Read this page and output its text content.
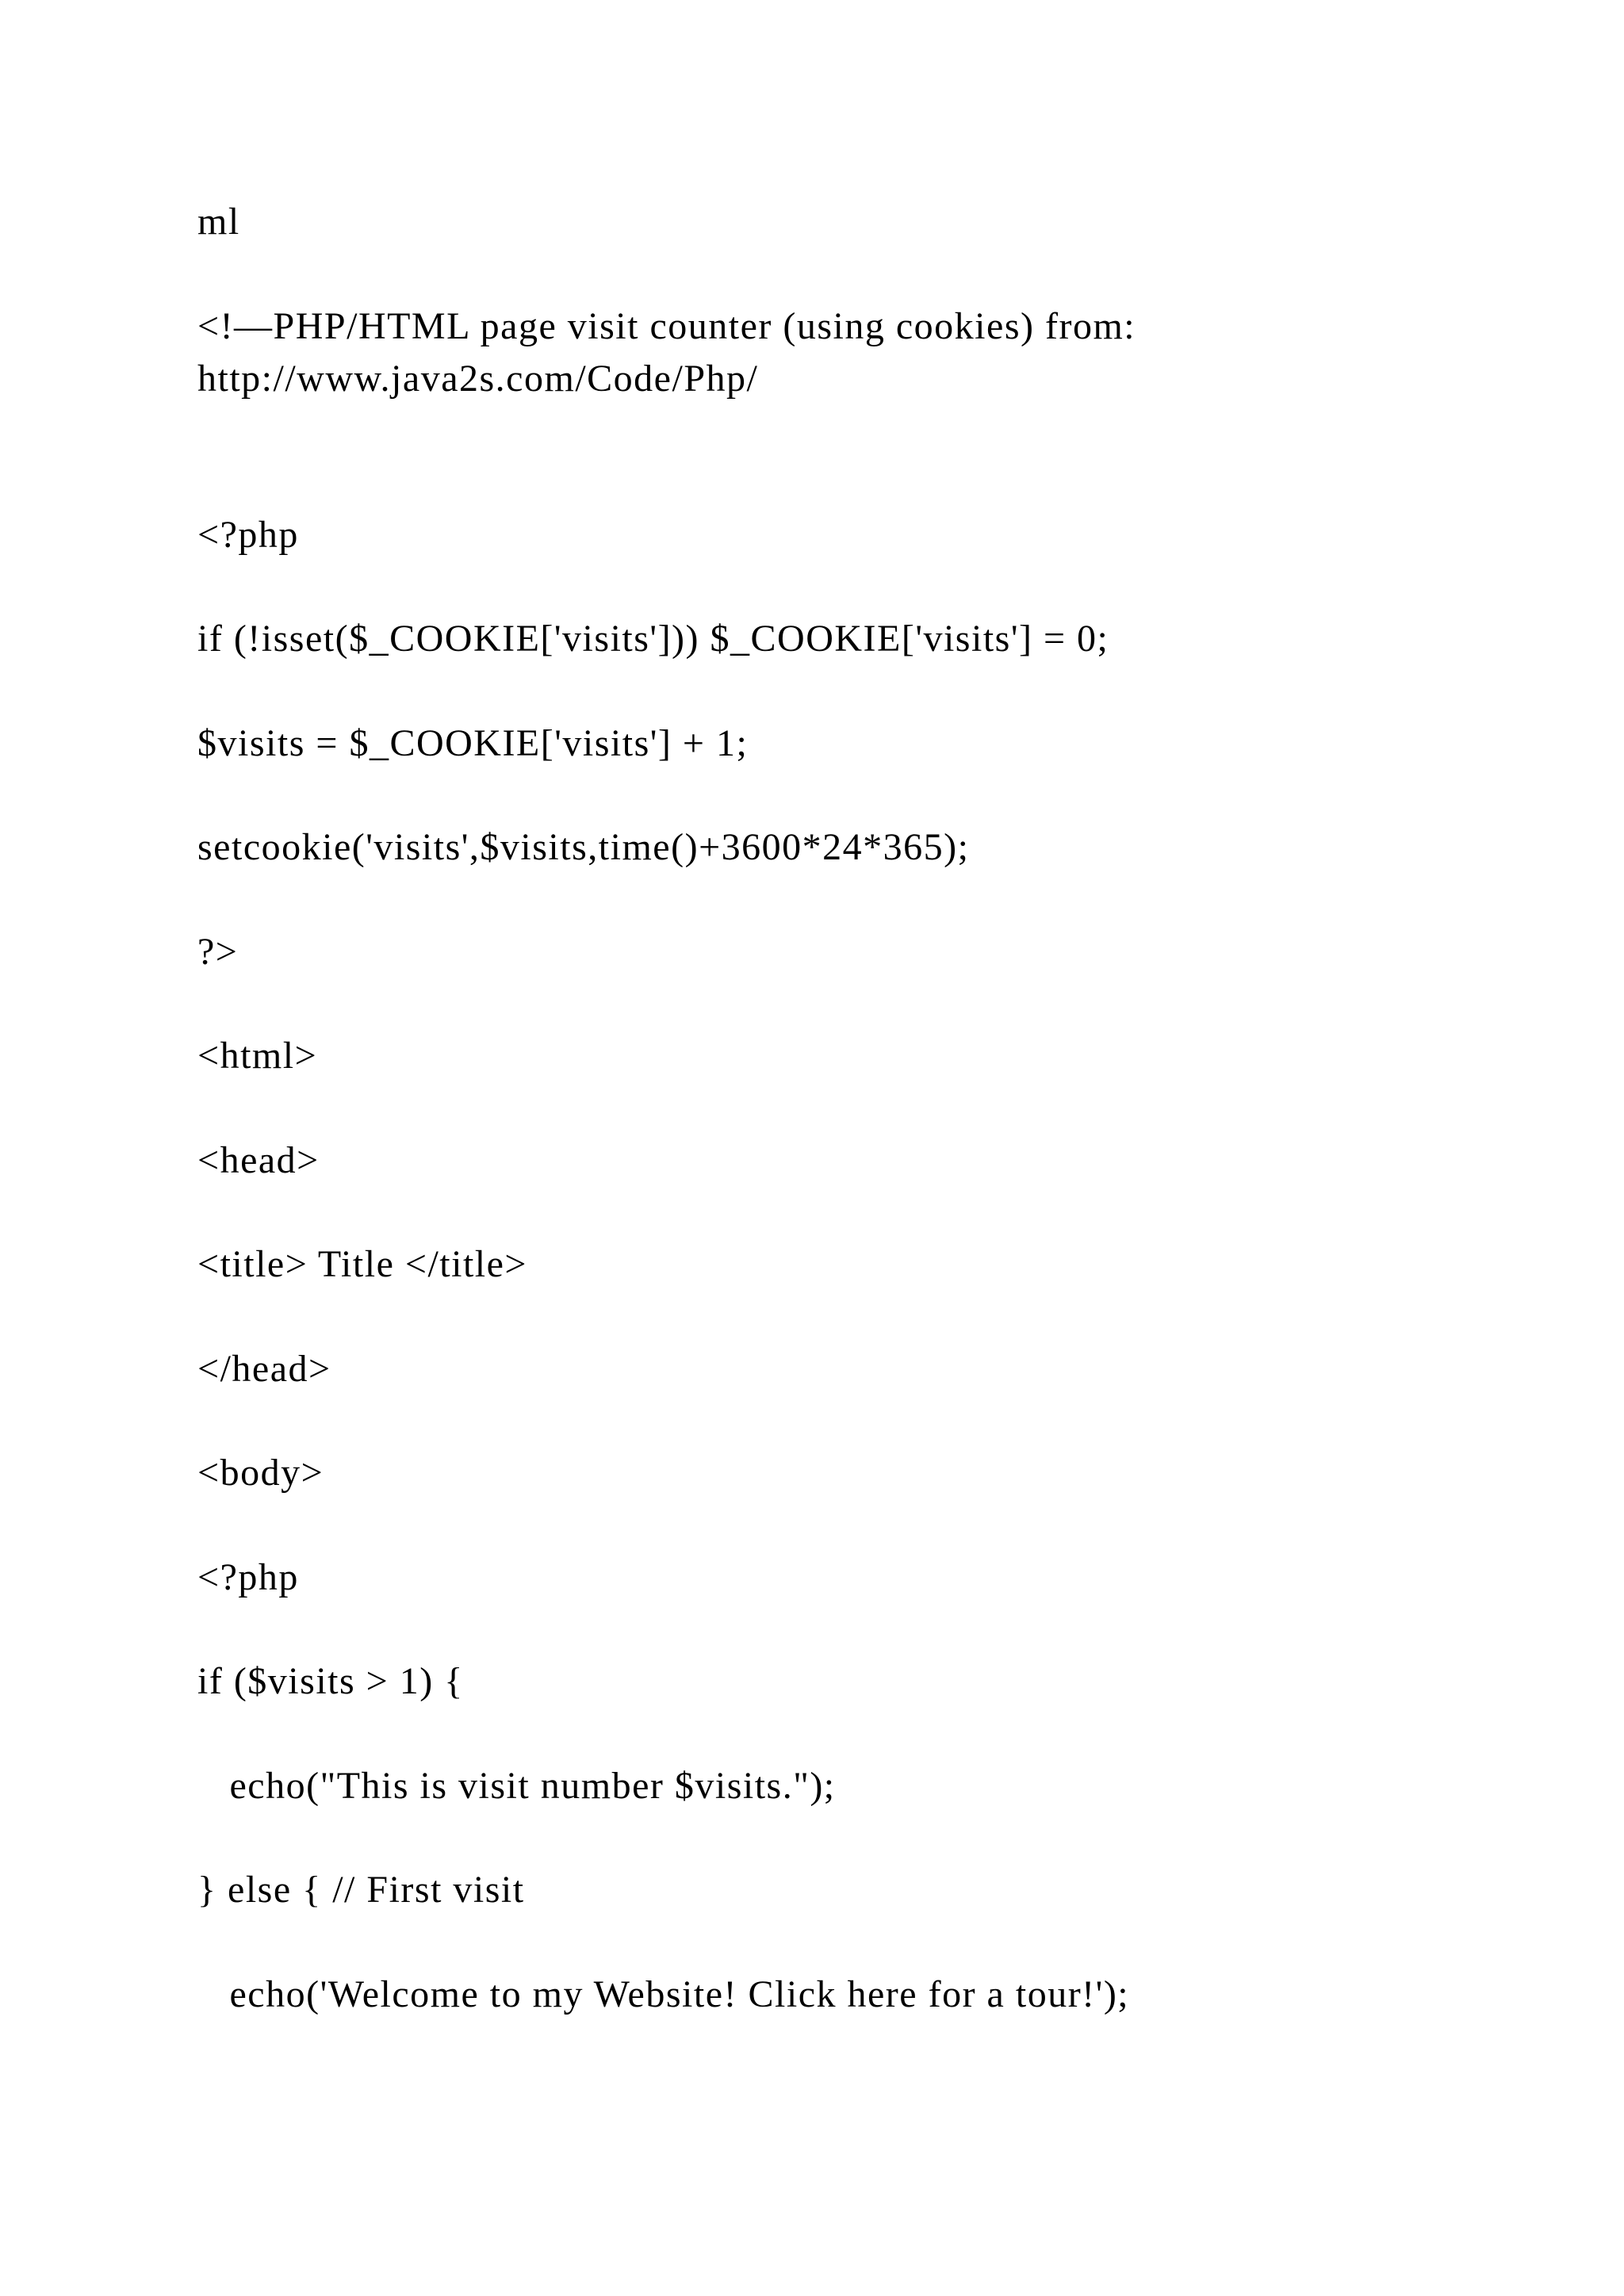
ml

<!—PHP/HTML page visit counter (using cookies) from:

http://www.java2s.com/Code/Php/

<?php

if (!isset($_COOKIE['visits'])) $_COOKIE['visits'] = 0;

$visits = $_COOKIE['visits'] + 1;

setcookie('visits',$visits,time()+3600*24*365);

?>

<html>

<head>

<title> Title </title>

</head>

<body>

<?php

if ($visits > 1) {

echo("This is visit number $visits.");

} else { // First visit

echo('Welcome to my Website! Click here for a tour!');
